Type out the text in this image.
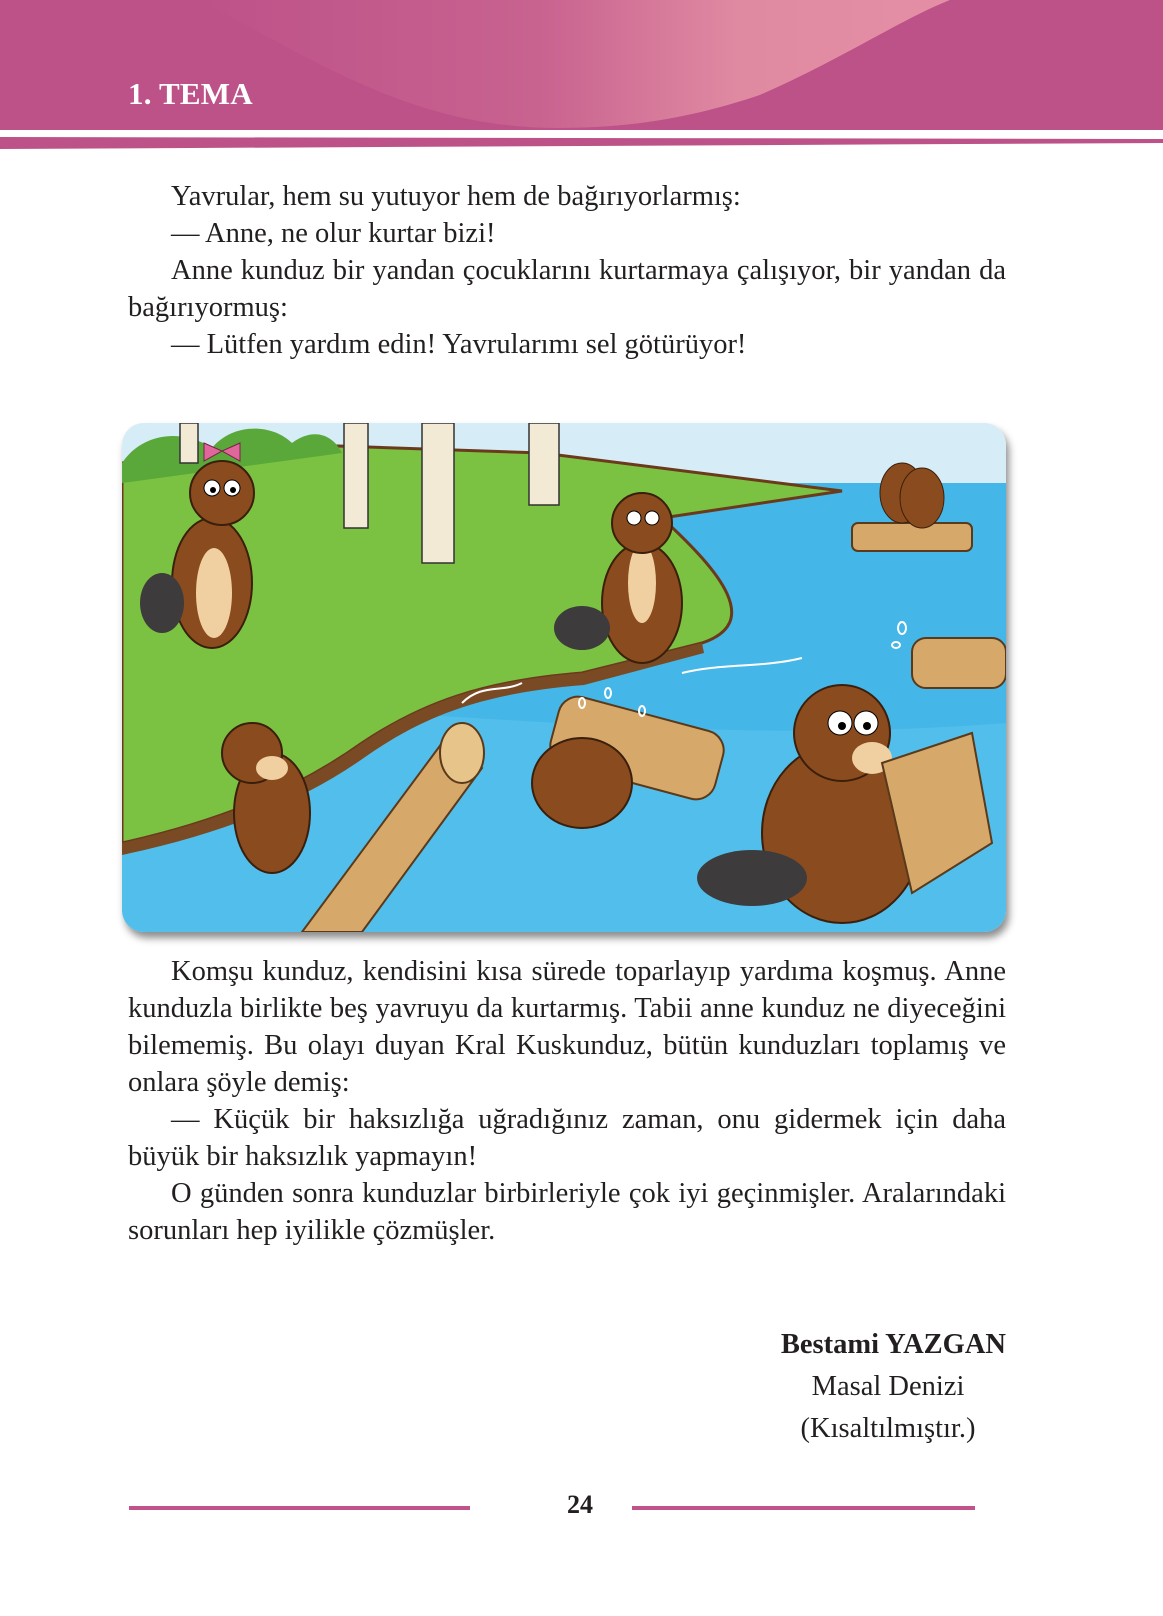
1. TEMA

Yavrular, hem su yutuyor hem de bağırıyorlarmış:

— Anne, ne olur kurtar bizi!

Anne kunduz bir yandan çocuklarını kurtarmaya çalışıyor, bir yandan da bağırıyormuş:

— Lütfen yardım edin! Yavrularımı sel götürüyor!

Komşu kunduz, kendisini kısa sürede toparlayıp yardıma koşmuş. Anne kunduzla birlikte beş yavruyu da kurtarmış. Tabii anne kunduz ne diyeceğini bilememiş. Bu olayı duyan Kral Kuskunduz, bütün kunduzları toplamış ve onlara şöyle demiş:

— Küçük bir haksızlığa uğradığınız zaman, onu gidermek için daha büyük bir haksızlık yapmayın!

O günden sonra kunduzlar birbirleriyle çok iyi geçinmişler. Aralarındaki sorunları hep iyilikle çözmüşler.

Bestami YAZGAN
Masal Denizi
(Kısaltılmıştır.)
24
